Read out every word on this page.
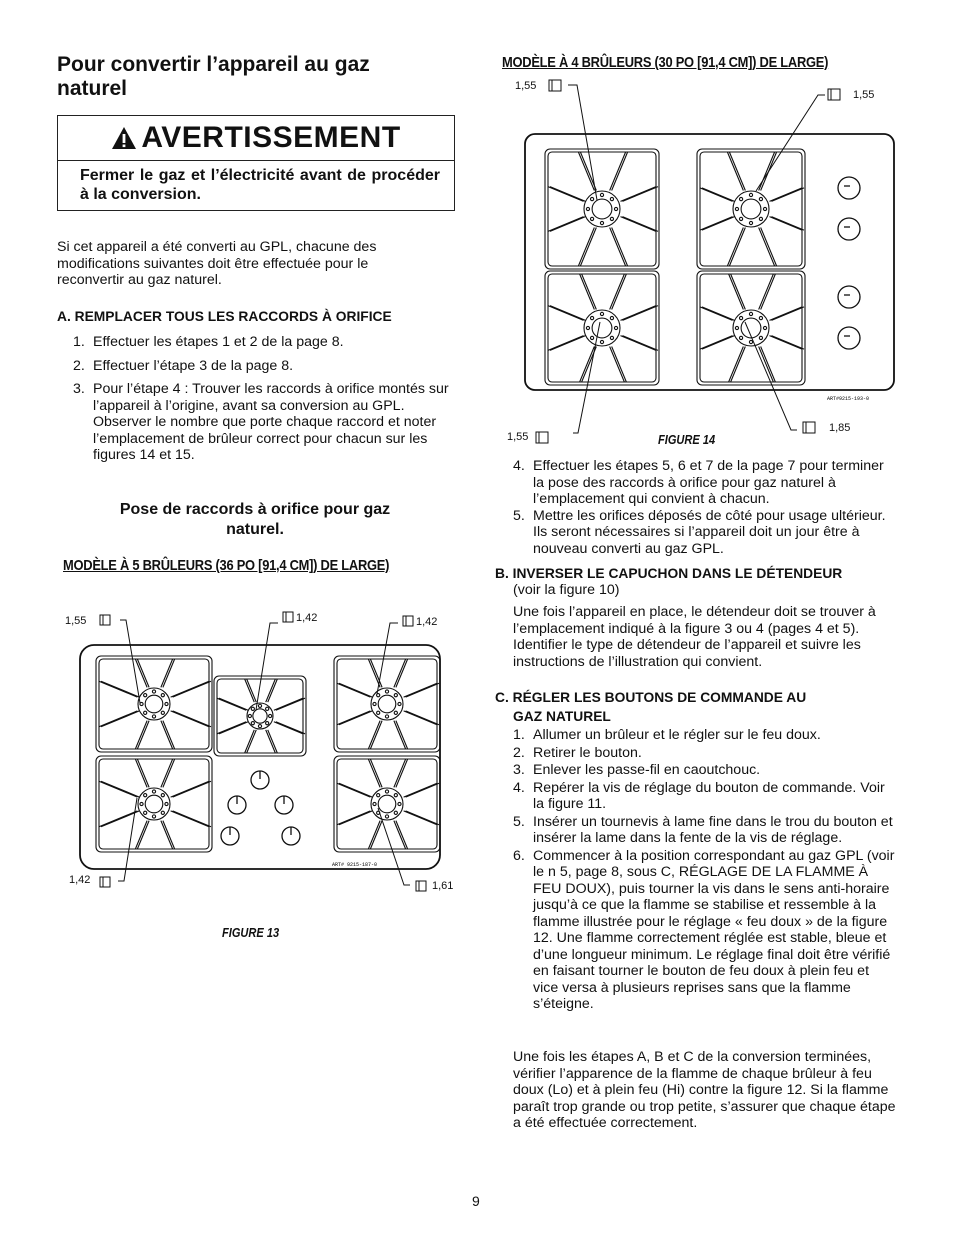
Pour convertir l’appareil au gaz naturel
AVERTISSEMENT
Fermer le gaz et l’électricité avant de procéder à la conversion.
Si cet appareil a été converti au GPL, chacune des modifications suivantes doit être effectuée pour le reconvertir au gaz naturel.
A. REMPLACER TOUS LES RACCORDS À ORIFICE
1. Effectuer les étapes 1 et 2 de la page 8.
2. Effectuer l’étape 3 de la page 8.
3. Pour l’étape 4 : Trouver les raccords à orifice montés sur l’appareil à l’origine, avant sa conversion au GPL. Observer le nombre que porte chaque raccord et noter l’emplacement de brûleur correct pour chacun sur les figures 14 et 15.
Pose de raccords à orifice pour gaz naturel.
MODÈLE À 5 BRÛLEURS (36 PO [91,4 CM]) DE LARGE)
ART# 9215-187-0
1,55	1,42	1,42
1,42	1,61
FIGURE 13
MODÈLE À 4 BRÛLEURS (30 PO [91,4 CM]) DE LARGE)
ART#9215-193-0
1,55
1,55
1,55
1,85
FIGURE 14
4. Effectuer les étapes 5, 6 et 7 de la page 7 pour terminer la pose des raccords à orifice pour gaz naturel à l’emplacement qui convient à chacun.
5. Mettre les orifices déposés de côté pour usage ultérieur. Ils seront nécessaires si l’appareil doit un jour être à nouveau converti au gaz GPL.
B. INVERSER LE CAPUCHON DANS LE DÉTENDEUR
(voir la figure 10)
Une fois l’appareil en place, le détendeur doit se trouver à l’emplacement indiqué à la figure 3 ou 4 (pages 4 et 5). Identifier le type de détendeur de l’appareil et suivre les instructions de l’illustration qui convient.
C. RÉGLER LES BOUTONS DE COMMANDE AU
GAZ NATUREL
1. Allumer un brûleur et le régler sur le feu doux.
2. Retirer le bouton.
3. Enlever les passe-fil en caoutchouc.
4. Repérer la vis de réglage du bouton de commande. Voir la figure 11.
5. Insérer un tournevis à lame fine dans le trou du bouton et insérer la lame dans la fente de la vis de réglage.
6. Commencer à la position correspondant au gaz GPL (voir le n 5, page 8, sous C, RÉGLAGE DE LA FLAMME À FEU DOUX), puis tourner la vis dans le sens anti-horaire jusqu’à ce que la flamme se stabilise et ressemble à la flamme illustrée pour le réglage « feu doux » de la figure 12. Une flamme correctement réglée est stable, bleue et d’une longueur minimum. Le réglage final doit être vérifié en faisant tourner le bouton de feu doux à plein feu et vice versa à plusieurs reprises sans que la flamme s’éteigne.
Une fois les étapes A, B et C de la conversion terminées, vérifier l’apparence de la flamme de chaque brûleur à feu doux (Lo) et à plein feu (Hi) contre la figure 12. Si la flamme paraît trop grande ou trop petite, s’assurer que chaque étape a été effectuée correctement.
9
